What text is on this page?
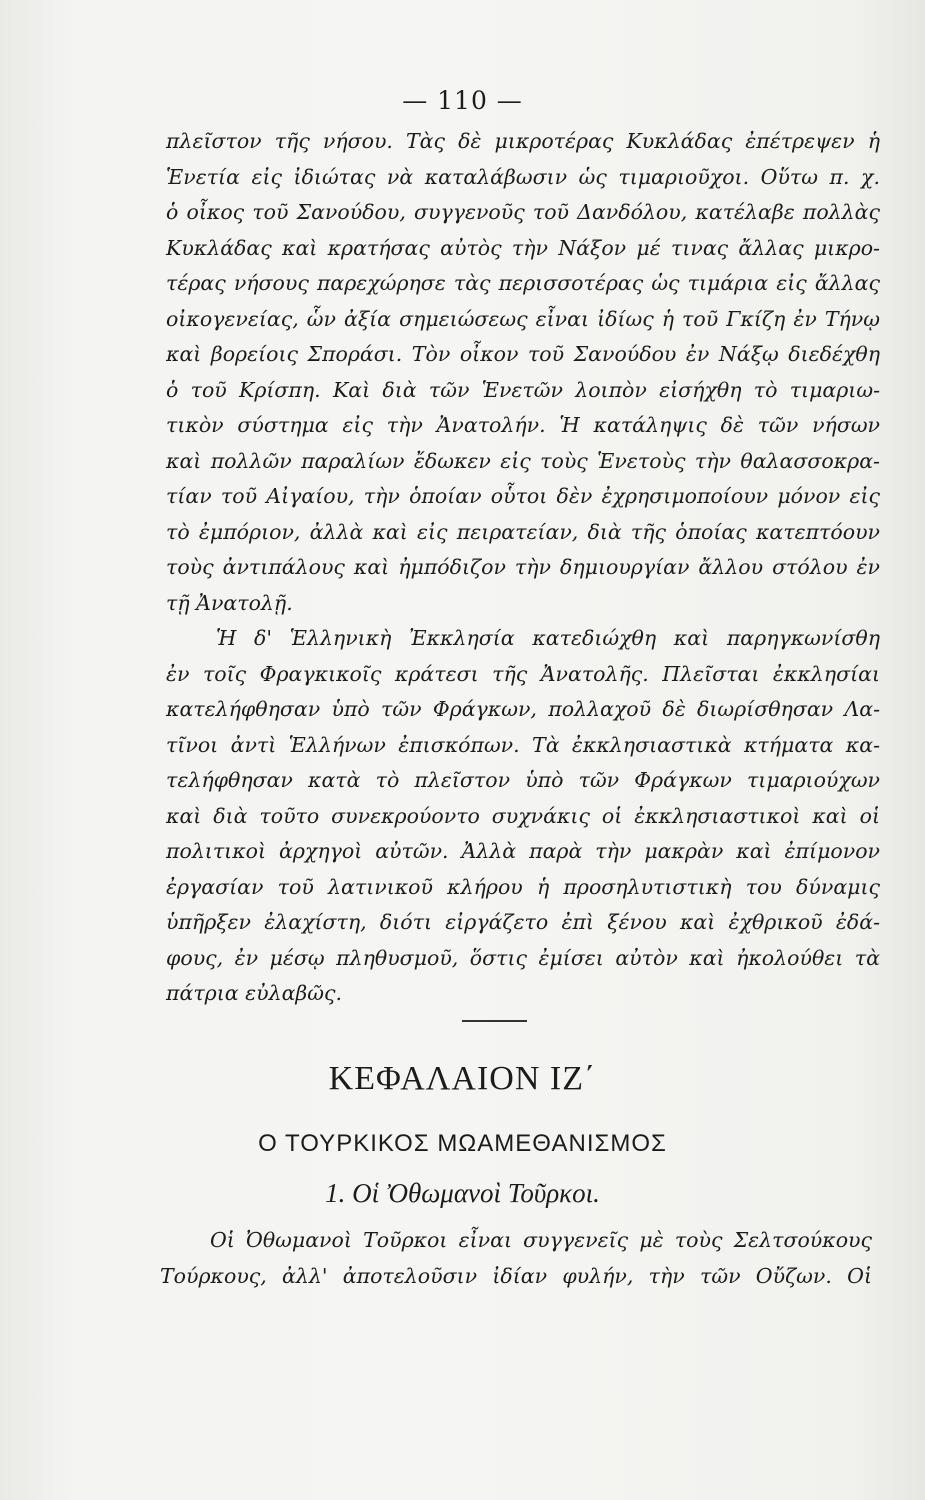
— 110 —
πλεῖστον τῆς νήσου. Τὰς δὲ μικροτέρας Κυκλάδας ἐπέτρεψεν ἡ
Ἑνετία εἰς ἰδιώτας νὰ καταλάβωσιν ὡς τιμαριοῦχοι. Οὕτω π. χ.
ὁ οἶκος τοῦ Σανούδου, συγγενοῦς τοῦ Δανδόλου, κατέλαβε πολλὰς
Κυκλάδας καὶ κρατήσας αὐτὸς τὴν Νάξον μέ τινας ἄλλας μικρο-
τέρας νήσους παρεχώρησε τὰς περισσοτέρας ὡς τιμάρια εἰς ἄλλας
οἰκογενείας, ὧν ἀξία σημειώσεως εἶναι ἰδίως ἡ τοῦ Γκίζη ἐν Τήνῳ
καὶ βορείοις Σποράσι. Τὸν οἶκον τοῦ Σανούδου ἐν Νάξῳ διεδέχθη
ὁ τοῦ Κρίσπη. Καὶ διὰ τῶν Ἑνετῶν λοιπὸν εἰσήχθη τὸ τιμαριω-
τικὸν σύστημα εἰς τὴν Ἀνατολήν. Ἡ κατάληψις δὲ τῶν νήσων
καὶ πολλῶν παραλίων ἔδωκεν εἰς τοὺς Ἑνετοὺς τὴν θαλασσοκρα-
τίαν τοῦ Αἰγαίου, τὴν ὁποίαν οὗτοι δὲν ἐχρησιμοποίουν μόνον εἰς
τὸ ἐμπόριον, ἀλλὰ καὶ εἰς πειρατείαν, διὰ τῆς ὁποίας κατεπτόουν
τοὺς ἀντιπάλους καὶ ἠμπόδιζον τὴν δημιουργίαν ἄλλου στόλου ἐν
τῇ Ἀνατολῇ.
Ἡ δ' Ἑλληνικὴ Ἐκκλησία κατεδιώχθη καὶ παρηγκωνίσθη
ἐν τοῖς Φραγκικοῖς κράτεσι τῆς Ἀνατολῆς. Πλεῖσται ἐκκλησίαι
κατελήφθησαν ὑπὸ τῶν Φράγκων, πολλαχοῦ δὲ διωρίσθησαν Λα-
τῖνοι ἀντὶ Ἑλλήνων ἐπισκόπων. Τὰ ἐκκλησιαστικὰ κτήματα κα-
τελήφθησαν κατὰ τὸ πλεῖστον ὑπὸ τῶν Φράγκων τιμαριούχων
καὶ διὰ τοῦτο συνεκρούοντο συχνάκις οἱ ἐκκλησιαστικοὶ καὶ οἱ
πολιτικοὶ ἀρχηγοὶ αὐτῶν. Ἀλλὰ παρὰ τὴν μακρὰν καὶ ἐπίμονον
ἐργασίαν τοῦ λατινικοῦ κλήρου ἡ προσηλυτιστικὴ του δύναμις
ὑπῆρξεν ἐλαχίστη, διότι εἰργάζετο ἐπὶ ξένου καὶ ἐχθρικοῦ ἐδά-
φους, ἐν μέσῳ πληθυσμοῦ, ὅστις ἐμίσει αὐτὸν καὶ ἠκολούθει τὰ
πάτρια εὐλαβῶς.
ΚΕΦΑΛΑΙΟΝ ΙΖ΄
Ο ΤΟΥΡΚΙΚΟΣ ΜΩΑΜΕΘΑΝΙΣΜΟΣ
1. Οἱ Ὀθωμανοὶ Τοῦρκοι.
Οἱ Ὀθωμανοὶ Τοῦρκοι εἶναι συγγενεῖς μὲ τοὺς Σελτσούκους
Τούρκους, ἀλλ' ἀποτελοῦσιν ἰδίαν φυλήν, τὴν τῶν Οὔζων. Οἱ
